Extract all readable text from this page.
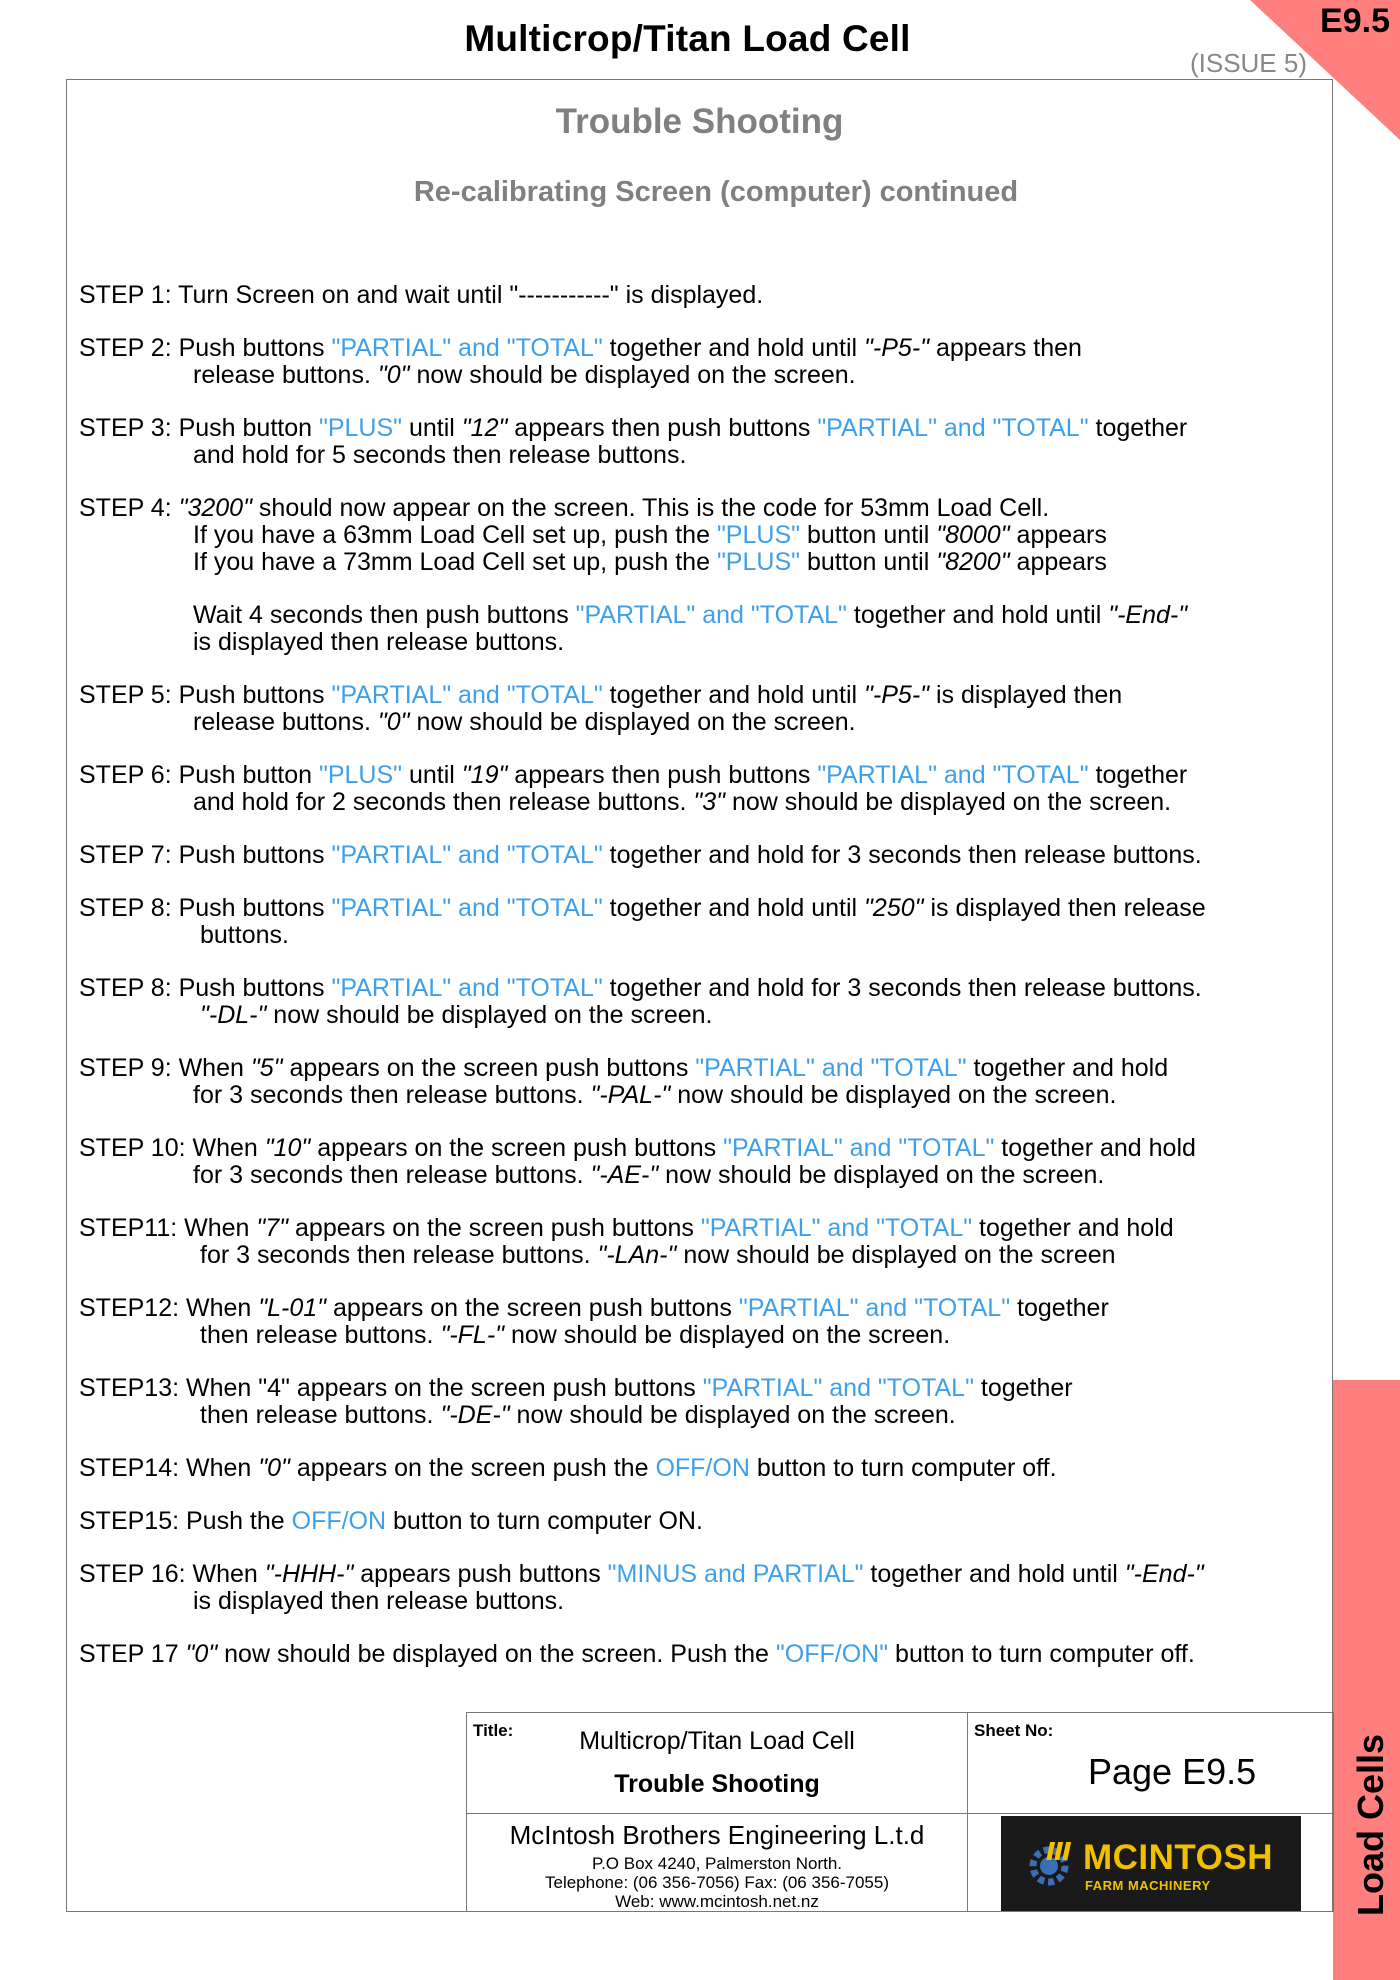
E9.5
Multicrop/Titan Load Cell
(ISSUE 5)
Load Cells
Trouble Shooting
Re-calibrating Screen (computer) continued
STEP 1: Turn Screen on and wait until "-----------" is displayed.
STEP 2: Push buttons "PARTIAL" and "TOTAL" together and hold until "-P5-" appears then
release buttons. "0" now should be displayed on the screen.
STEP 3: Push button "PLUS" until "12" appears then push buttons "PARTIAL" and "TOTAL" together
and hold for 5 seconds then release buttons.
STEP 4: "3200" should now appear on the screen. This is the code for 53mm Load Cell.
If you have a 63mm Load Cell set up, push the "PLUS" button until "8000" appears
If you have a 73mm Load Cell set up, push the "PLUS" button until "8200" appears
Wait 4 seconds then push buttons "PARTIAL" and "TOTAL" together and hold until "-End-"
is displayed then release buttons.
STEP 5: Push buttons "PARTIAL" and "TOTAL" together and hold until "-P5-" is displayed then
release buttons. "0" now should be displayed on the screen.
STEP 6: Push button "PLUS" until "19" appears then push buttons "PARTIAL" and "TOTAL" together
and hold for 2 seconds then release buttons. "3" now should be displayed on the screen.
STEP 7: Push buttons "PARTIAL" and "TOTAL" together and hold for 3 seconds then release buttons.
STEP 8: Push buttons "PARTIAL" and "TOTAL" together and hold until "250" is displayed then release
buttons.
STEP 8: Push buttons "PARTIAL" and "TOTAL" together and hold for 3 seconds then release buttons.
"-DL-" now should be displayed on the screen.
STEP 9: When "5" appears on the screen push buttons "PARTIAL" and "TOTAL" together and hold
for 3 seconds then release buttons. "-PAL-" now should be displayed on the screen.
STEP 10: When "10" appears on the screen push buttons "PARTIAL" and "TOTAL" together and hold
for 3 seconds then release buttons. "-AE-" now should be displayed on the screen.
STEP11: When "7" appears on the screen push buttons "PARTIAL" and "TOTAL" together and hold
for 3 seconds then release buttons. "-LAn-" now should be displayed on the screen
STEP12: When "L-01" appears on the screen push buttons "PARTIAL" and "TOTAL" together
then release buttons. "-FL-" now should be displayed on the screen.
STEP13: When "4" appears on the screen push buttons "PARTIAL" and "TOTAL" together
then release buttons. "-DE-" now should be displayed on the screen.
STEP14: When "0" appears on the screen push the OFF/ON button to turn computer off.
STEP15: Push the OFF/ON button to turn computer ON.
STEP 16: When "-HHH-" appears push buttons "MINUS and PARTIAL" together and hold until "-End-"
is displayed then release buttons.
STEP 17 "0" now should be displayed on the screen. Push the "OFF/ON" button to turn computer off.
Title:	Multicrop/Titan Load Cell
Trouble Shooting
Sheet No:
Page E9.5
McIntosh Brothers Engineering L.t.d
P.O Box 4240, Palmerston North.
Telephone: (06 356-7056) Fax: (06 356-7055)
Web: www.mcintosh.net.nz
MCINTOSH
FARM MACHINERY
